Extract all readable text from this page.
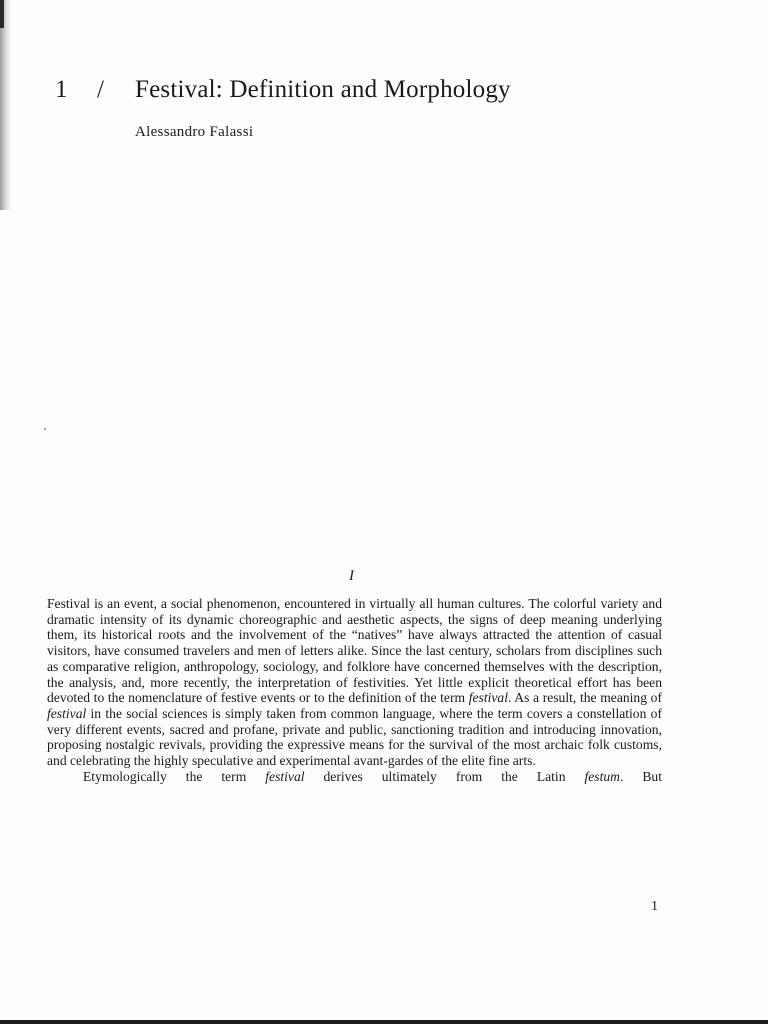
1 / Festival: Definition and Morphology
Alessandro Falassi
I

Festival is an event, a social phenomenon, encountered in virtually all human cultures. The colorful variety and dramatic intensity of its dynamic choreographic and aesthetic aspects, the signs of deep meaning underlying them, its historical roots and the involvement of the “natives” have always attracted the attention of casual visitors, have consumed travelers and men of letters alike. Since the last century, scholars from disciplines such as comparative religion, anthropology, sociology, and folklore have concerned themselves with the description, the analysis, and, more recently, the interpretation of festivities. Yet little explicit theoretical effort has been devoted to the nomenclature of festive events or to the definition of the term festival. As a result, the meaning of festival in the social sciences is simply taken from common language, where the term covers a constellation of very different events, sacred and profane, private and public, sanctioning tradition and introducing innovation, proposing nostalgic revivals, providing the expressive means for the survival of the most archaic folk customs, and celebrating the highly speculative and experimental avant-gardes of the elite fine arts.

Etymologically the term festival derives ultimately from the Latin festum. But

1
